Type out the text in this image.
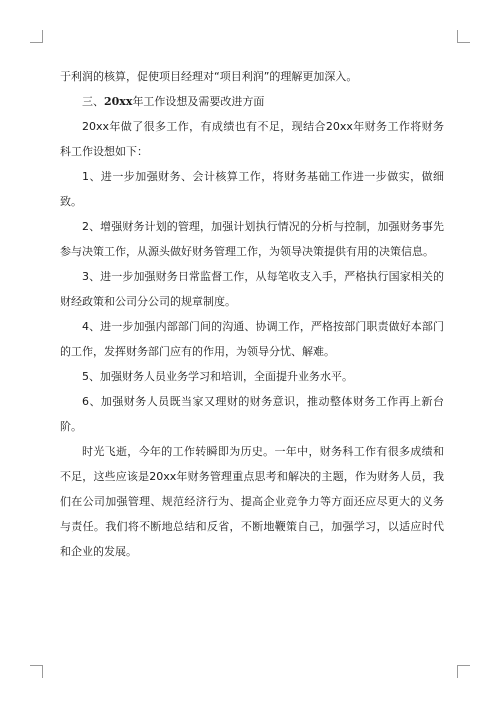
于利润的核算，促使项目经理对“项目利润”的理解更加深入。

三、20xx年工作设想及需要改进方面

20xx年做了很多工作，有成绩也有不足，现结合20xx年财务工作将财务科工作设想如下：

1、进一步加强财务、会计核算工作，将财务基础工作进一步做实，做细致。

2、增强财务计划的管理，加强计划执行情况的分析与控制，加强财务事先参与决策工作，从源头做好财务管理工作，为领导决策提供有用的决策信息。

3、进一步加强财务日常监督工作，从每笔收支入手，严格执行国家相关的财经政策和公司分公司的规章制度。

4、进一步加强内部部门间的沟通、协调工作，严格按部门职责做好本部门的工作，发挥财务部门应有的作用，为领导分忧、解难。

5、加强财务人员业务学习和培训，全面提升业务水平。

6、加强财务人员既当家又理财的财务意识，推动整体财务工作再上新台阶。

时光飞逝，今年的工作转瞬即为历史。一年中，财务科工作有很多成绩和不足，这些应该是20xx年财务管理重点思考和解决的主题，作为财务人员，我们在公司加强管理、规范经济行为、提高企业竞争力等方面还应尽更大的义务与责任。我们将不断地总结和反省，不断地鞭策自己，加强学习，以适应时代和企业的发展。
